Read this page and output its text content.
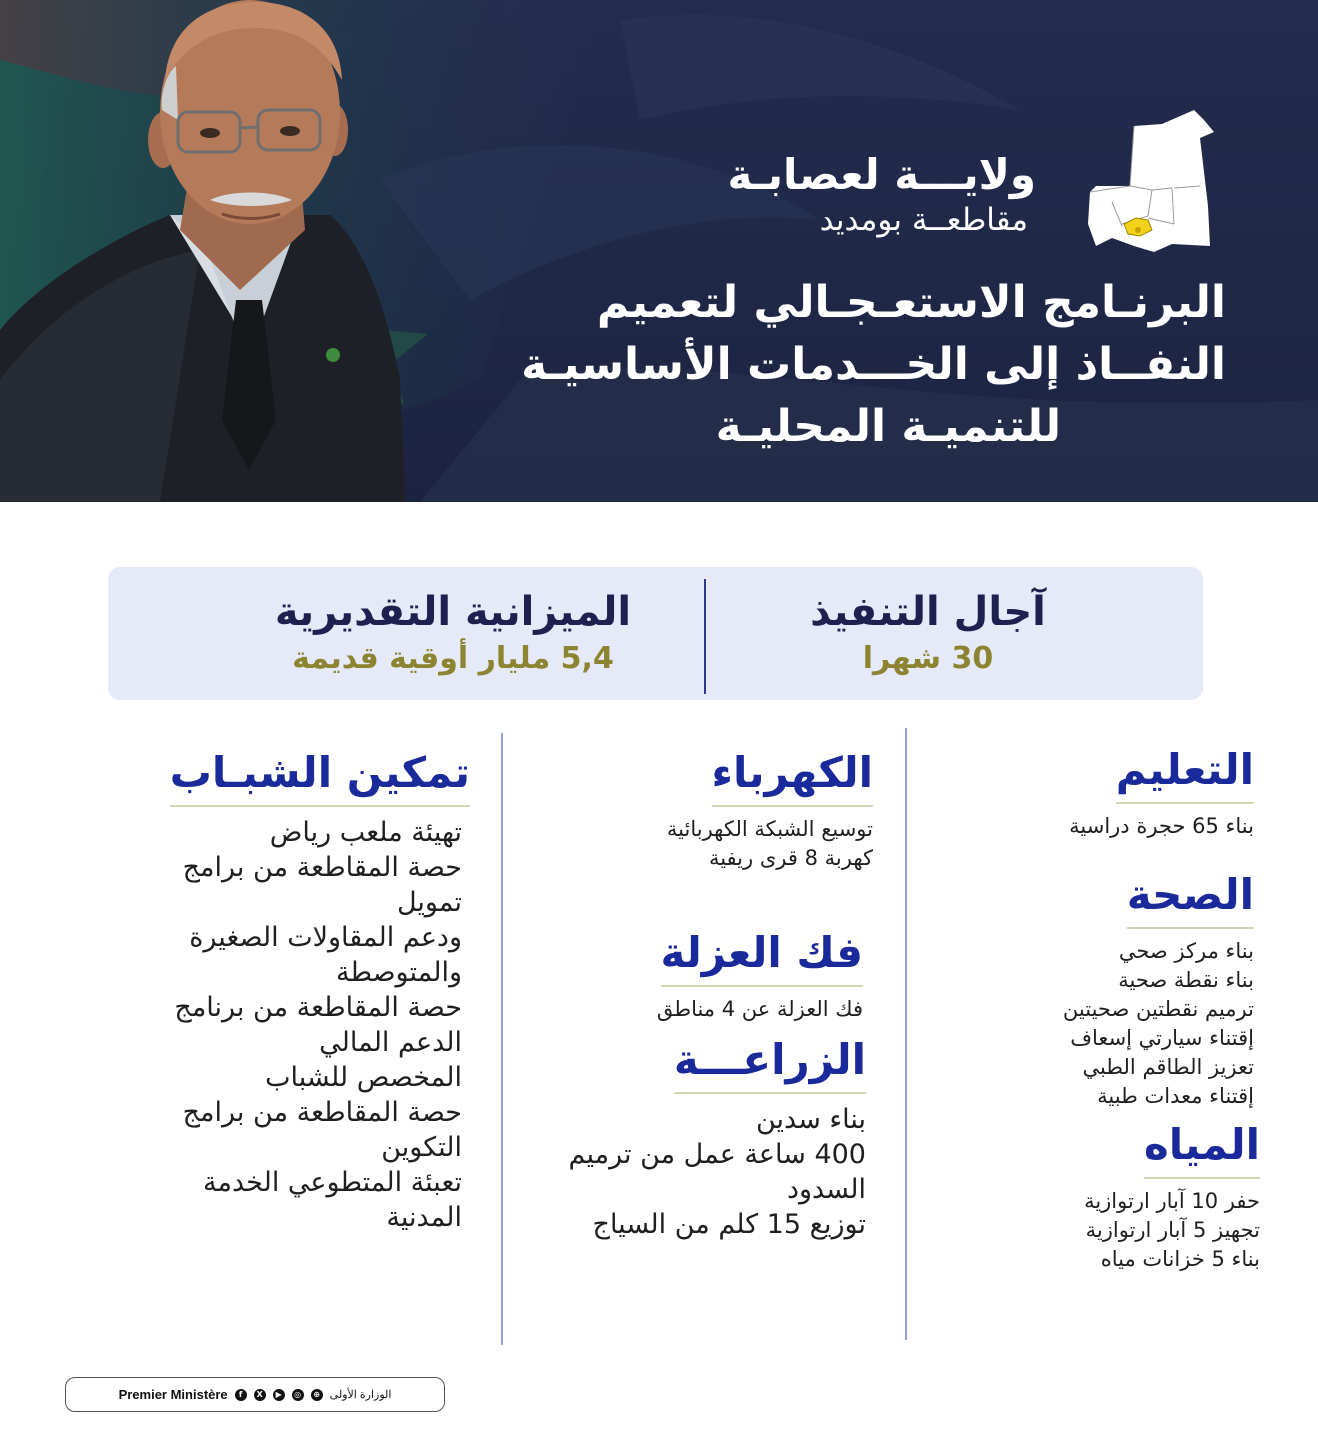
ولايـــة لعصابـة
مقاطعــة بومديد
البرنـامج الاستعـجـالي لتعميم
النفــاذ إلى الخـــدمات الأساسيـة
للتنميـة المحليـة
آجال التنفيذ
30 شهرا
الميزانية التقديرية
5,4 مليار أوقية قديمة
التعليم
بناء 65 حجرة دراسية
الصحة
بناء مركز صحي
بناء نقطة صحية
ترميم نقطتين صحيتين
إقتناء سيارتي إسعاف
تعزيز الطاقم الطبي
إقتناء معدات طبية
المياه
حفر 10 آبار ارتوازية
تجهيز 5 آبار ارتوازية
بناء 5 خزانات مياه
الكهرباء
توسيع الشبكة الكهربائية
كهربة 8 قرى ريفية
فك العزلة
فك العزلة عن 4 مناطق
الزراعـــة
بناء سدين
400 ساعة عمل من ترميم
السدود
توزيع 15 كلم من السياج
تمكين الشبـاب
تهيئة ملعب رياض
حصة المقاطعة من برامج
تمويل
ودعم المقاولات الصغيرة
والمتوصطة
حصة المقاطعة من برنامج
الدعم المالي
المخصص للشباب
حصة المقاطعة من برامج
التكوين
تعبئة المتطوعي الخدمة
المدنية
Premier Ministère	f	X	▶	◎	⊕ الوزارة الأولى
